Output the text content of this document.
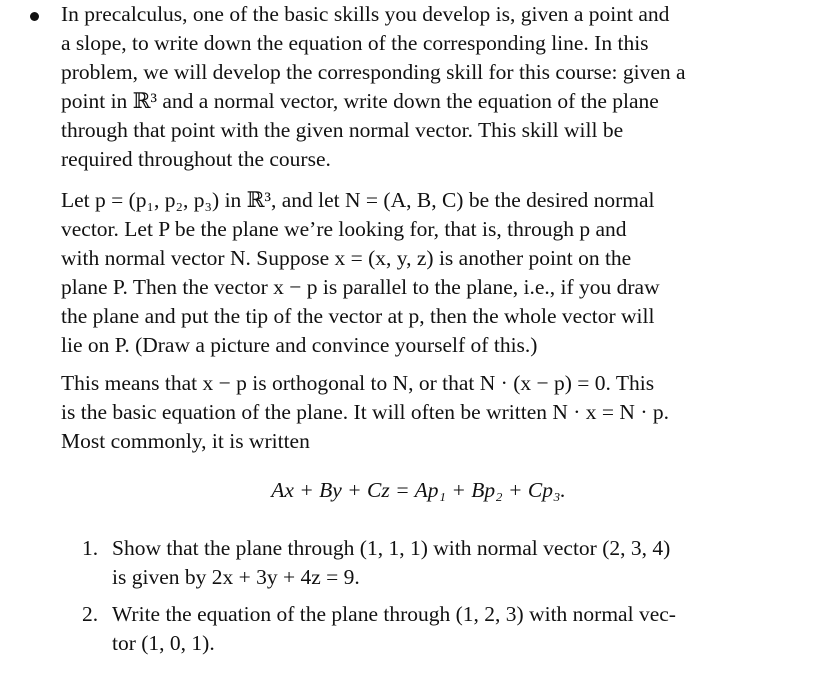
In precalculus, one of the basic skills you develop is, given a point and
a slope, to write down the equation of the corresponding line. In this
problem, we will develop the corresponding skill for this course: given a
point in ℝ³ and a normal vector, write down the equation of the plane
through that point with the given normal vector. This skill will be
required throughout the course.

Let p = (p₁, p₂, p₃) in ℝ³, and let N = (A, B, C) be the desired normal
vector. Let P be the plane we’re looking for, that is, through p and
with normal vector N. Suppose x = (x, y, z) is another point on the
plane P. Then the vector x − p is parallel to the plane, i.e., if you draw
the plane and put the tip of the vector at p, then the whole vector will
lie on P. (Draw a picture and convince yourself of this.)

This means that x − p is orthogonal to N, or that N · (x − p) = 0. This
is the basic equation of the plane. It will often be written N · x = N · p.
Most commonly, it is written

Ax + By + Cz = Ap₁ + Bp₂ + Cp₃.
1. Show that the plane through (1, 1, 1) with normal vector (2, 3, 4)
is given by 2x + 3y + 4z = 9.
2. Write the equation of the plane through (1, 2, 3) with normal vec-
tor (1, 0, 1).
